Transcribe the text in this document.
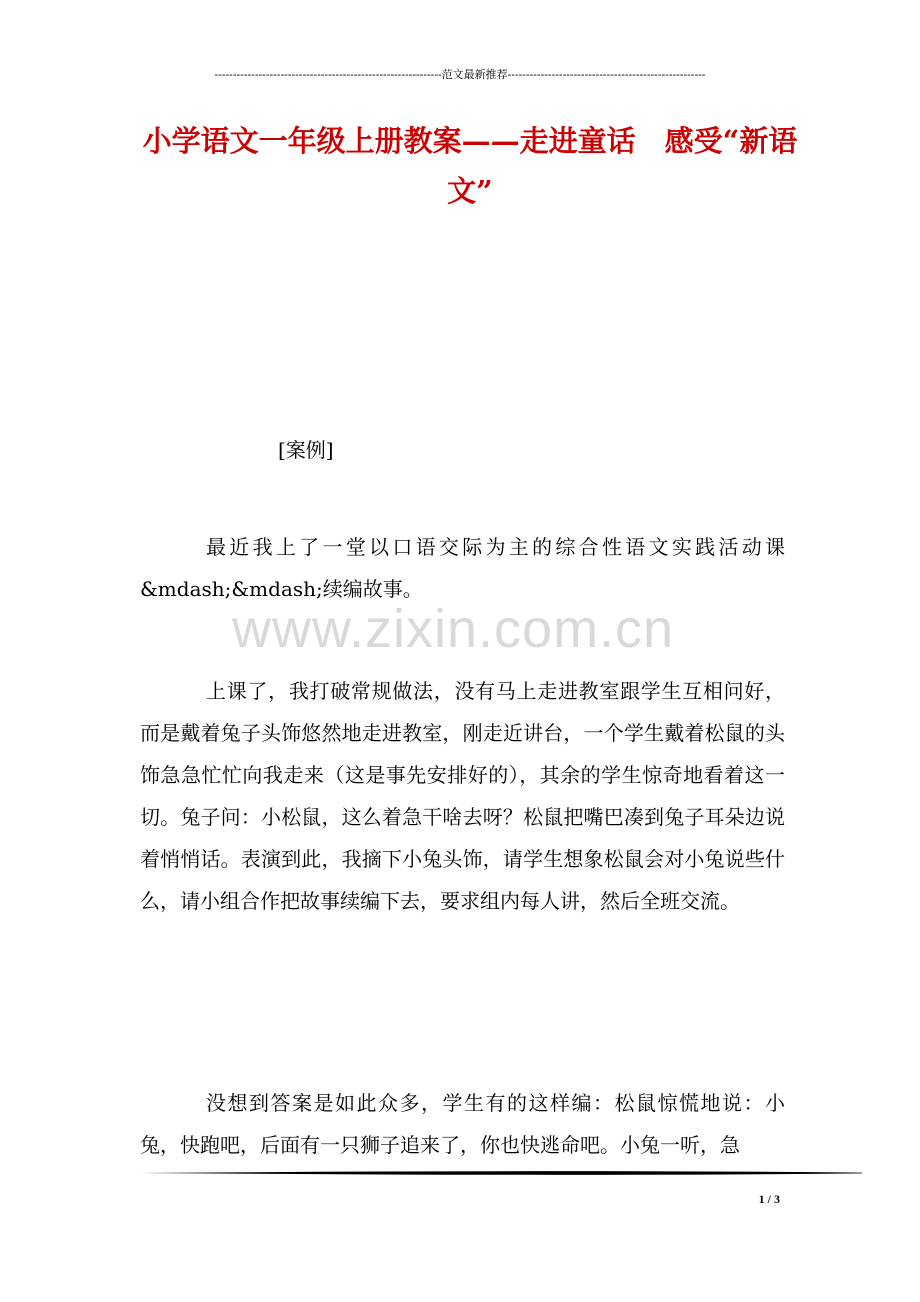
--------------------------------------------------------------范文最新推荐------------------------------------------------------
小学语文一年级上册教案——走进童话　感受“新语文”
[案例]
最近我上了一堂以口语交际为主的综合性语文实践活动课&mdash;&mdash;续编故事。
www.zixin.com.cn
上课了，我打破常规做法，没有马上走进教室跟学生互相问好，而是戴着兔子头饰悠然地走进教室，刚走近讲台，一个学生戴着松鼠的头饰急急忙忙向我走来（这是事先安排好的），其余的学生惊奇地看着这一切。兔子问：小松鼠，这么着急干啥去呀？松鼠把嘴巴凑到兔子耳朵边说着悄悄话。表演到此，我摘下小兔头饰，请学生想象松鼠会对小兔说些什么，请小组合作把故事续编下去，要求组内每人讲，然后全班交流。
没想到答案是如此众多，学生有的这样编：松鼠惊慌地说：小兔，快跑吧，后面有一只狮子追来了，你也快逃命吧。小兔一听，急
1 / 3
